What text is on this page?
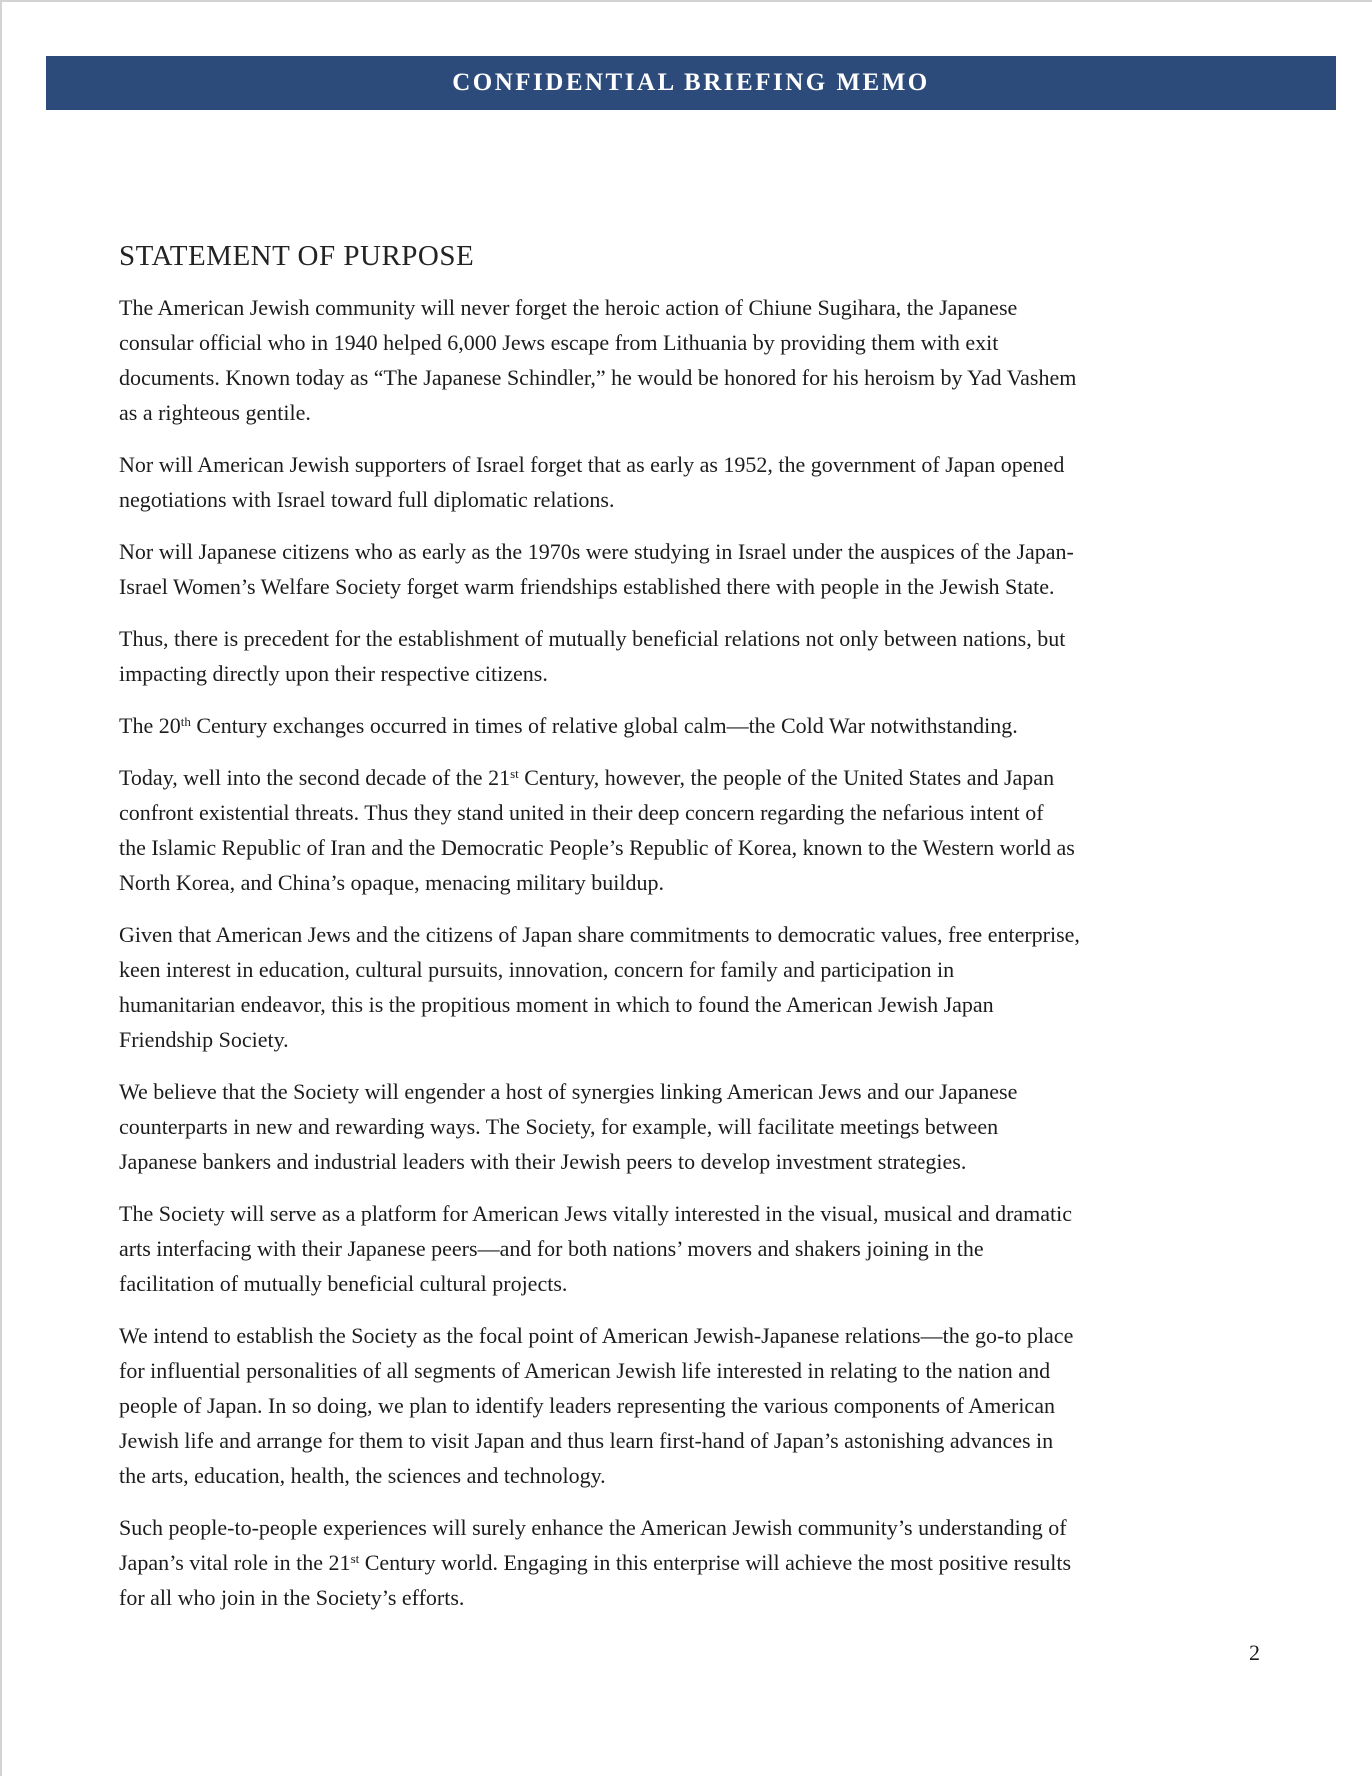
CONFIDENTIAL BRIEFING MEMO
STATEMENT OF PURPOSE

The American Jewish community will never forget the heroic action of Chiune Sugihara, the Japanese
consular official who in 1940 helped 6,000 Jews escape from Lithuania by providing them with exit
documents. Known today as “The Japanese Schindler,” he would be honored for his heroism by Yad Vashem
as a righteous gentile.

Nor will American Jewish supporters of Israel forget that as early as 1952, the government of Japan opened
negotiations with Israel toward full diplomatic relations.

Nor will Japanese citizens who as early as the 1970s were studying in Israel under the auspices of the Japan-
Israel Women’s Welfare Society forget warm friendships established there with people in the Jewish State.

Thus, there is precedent for the establishment of mutually beneficial relations not only between nations, but
impacting directly upon their respective citizens.

The 20th Century exchanges occurred in times of relative global calm—the Cold War notwithstanding.

Today, well into the second decade of the 21st Century, however, the people of the United States and Japan
confront existential threats. Thus they stand united in their deep concern regarding the nefarious intent of
the Islamic Republic of Iran and the Democratic People’s Republic of Korea, known to the Western world as
North Korea, and China’s opaque, menacing military buildup.

Given that American Jews and the citizens of Japan share commitments to democratic values, free enterprise,
keen interest in education, cultural pursuits, innovation, concern for family and participation in
humanitarian endeavor, this is the propitious moment in which to found the American Jewish Japan
Friendship Society.

We believe that the Society will engender a host of synergies linking American Jews and our Japanese
counterparts in new and rewarding ways. The Society, for example, will facilitate meetings between
Japanese bankers and industrial leaders with their Jewish peers to develop investment strategies.

The Society will serve as a platform for American Jews vitally interested in the visual, musical and dramatic
arts interfacing with their Japanese peers—and for both nations’ movers and shakers joining in the
facilitation of mutually beneficial cultural projects.

We intend to establish the Society as the focal point of American Jewish-Japanese relations—the go-to place
for influential personalities of all segments of American Jewish life interested in relating to the nation and
people of Japan. In so doing, we plan to identify leaders representing the various components of American
Jewish life and arrange for them to visit Japan and thus learn first-hand of Japan’s astonishing advances in
the arts, education, health, the sciences and technology.

Such people-to-people experiences will surely enhance the American Jewish community’s understanding of
Japan’s vital role in the 21st Century world. Engaging in this enterprise will achieve the most positive results
for all who join in the Society’s efforts.

2
